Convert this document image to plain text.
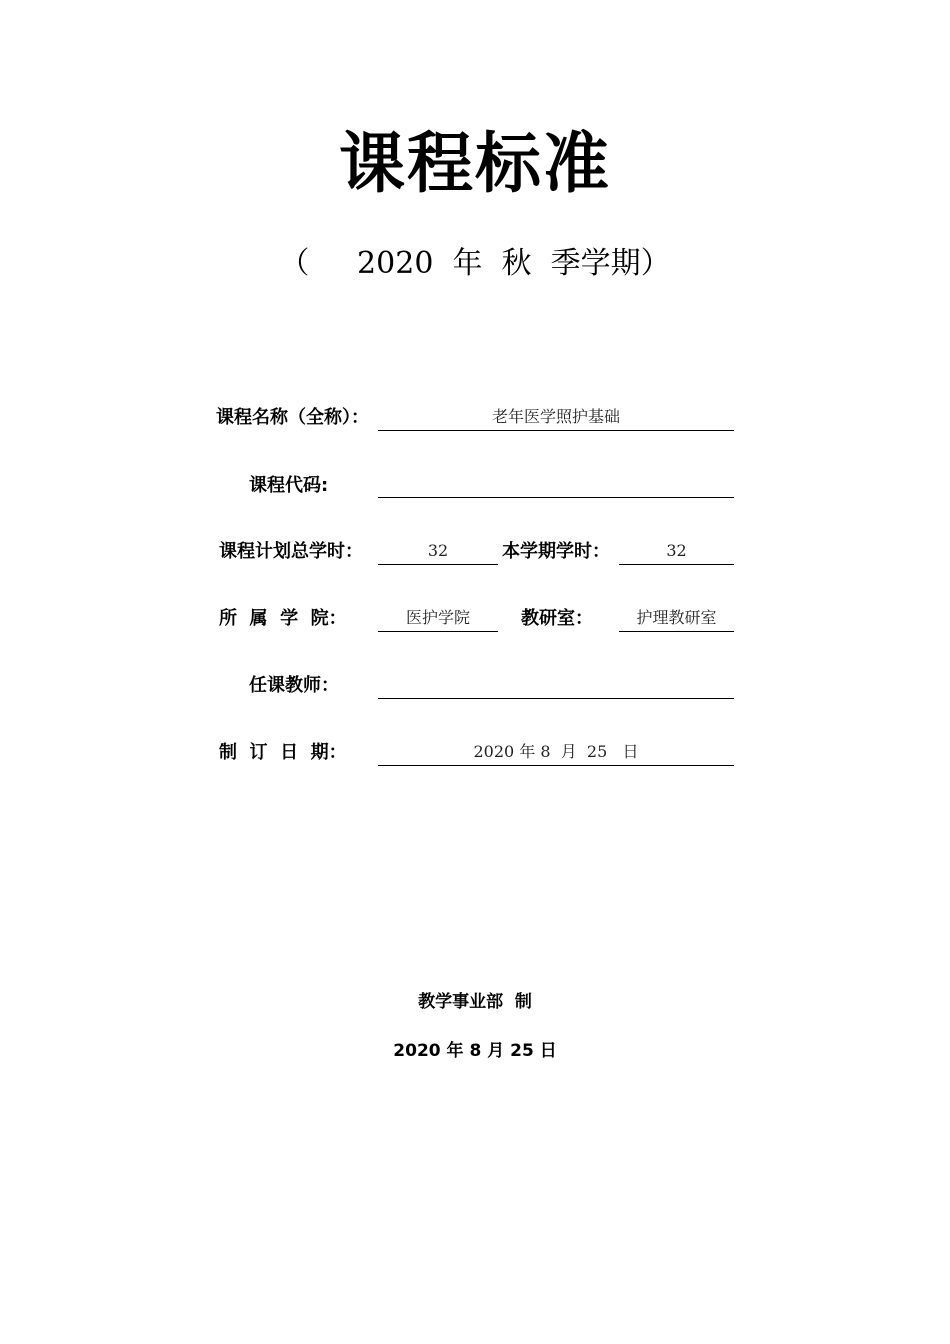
课程标准
（     2020  年  秋  季学期）
课程名称（全称）：	老年医学照护基础
课程代码:
课程计划总学时：	32	本学期学时：	32
所  属  学  院：	医护学院	教研室：	护理教研室
任课教师：
制  订  日  期：	2020 年 8  月  25   日
教学事业部  制
2020 年 8 月 25 日
